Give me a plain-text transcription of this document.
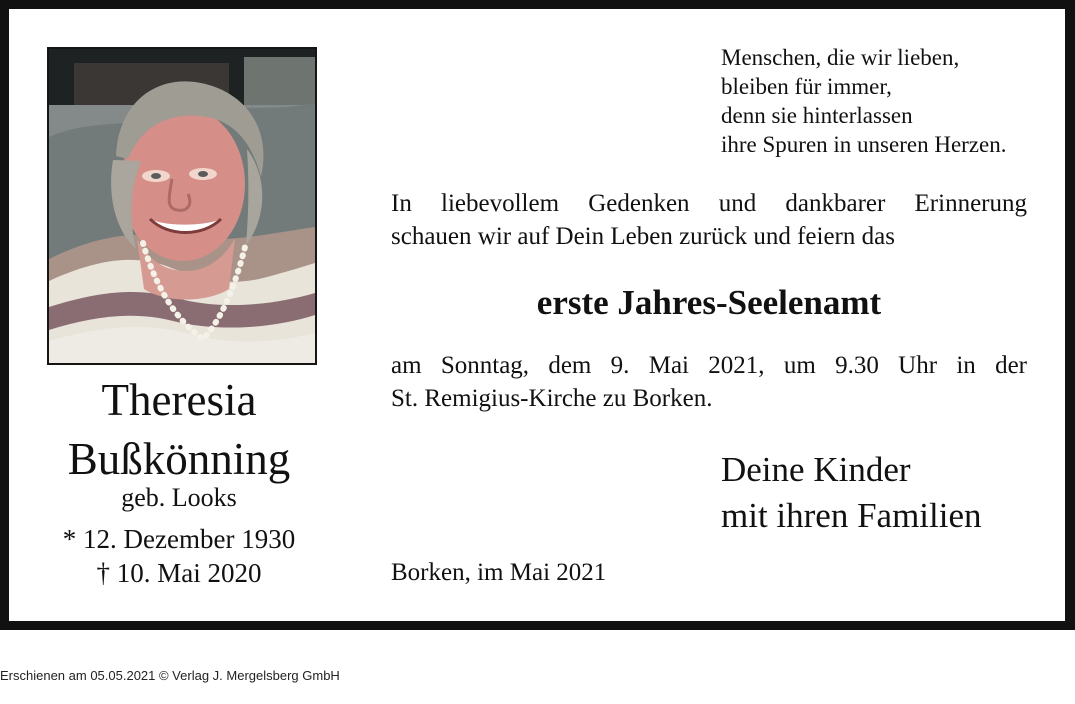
Theresia
Bußkönning
geb. Looks
* 12. Dezember 1930
† 10. Mai 2020
Menschen, die wir lieben,
bleiben für immer,
denn sie hinterlassen
ihre Spuren in unseren Herzen.
In liebevollem Gedenken und dankbarer Erinnerung
schauen wir auf Dein Leben zurück und feiern das
erste Jahres-Seelenamt
am Sonntag, dem 9. Mai 2021, um 9.30 Uhr in der
St. Remigius-Kirche zu Borken.
Deine Kinder
mit ihren Familien
Borken, im Mai 2021
Erschienen am 05.05.2021 © Verlag J. Mergelsberg GmbH
